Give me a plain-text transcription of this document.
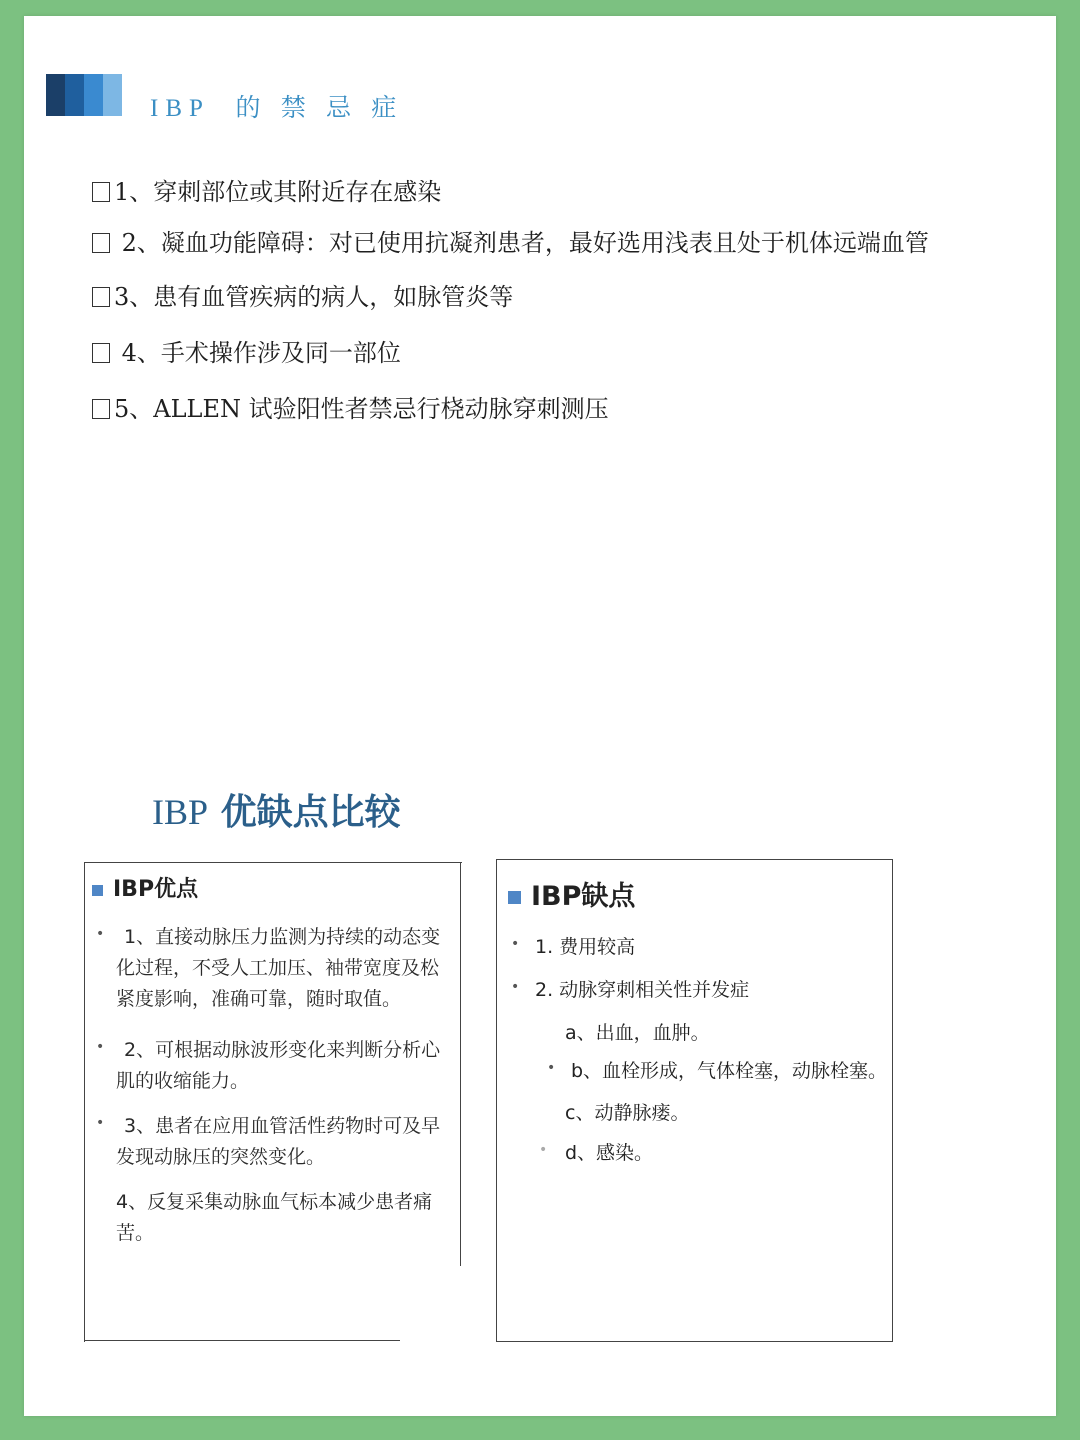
IBP  的 禁 忌 症
1、穿刺部位或其附近存在感染
2、凝血功能障碍：对已使用抗凝剂患者，最好选用浅表且处于机体远端血管
3、患有血管疾病的病人，如脉管炎等
4、手术操作涉及同一部位
5、ALLEN 试验阳性者禁忌行桡动脉穿刺测压
IBP 优缺点比较
IBP优点
•	1、直接动脉压力监测为持续的动态变化过程，不受人工加压、袖带宽度及松紧度影响，准确可靠，随时取值。
•	2、可根据动脉波形变化来判断分析心肌的收缩能力。
•	3、患者在应用血管活性药物时可及早发现动脉压的突然变化。
4、反复采集动脉血气标本减少患者痛苦。
IBP缺点
• 1. 费用较高
• 2. 动脉穿刺相关性并发症
a、出血，血肿。
• b、血栓形成，气体栓塞，动脉栓塞。
c、动静脉瘘。
• d、感染。
